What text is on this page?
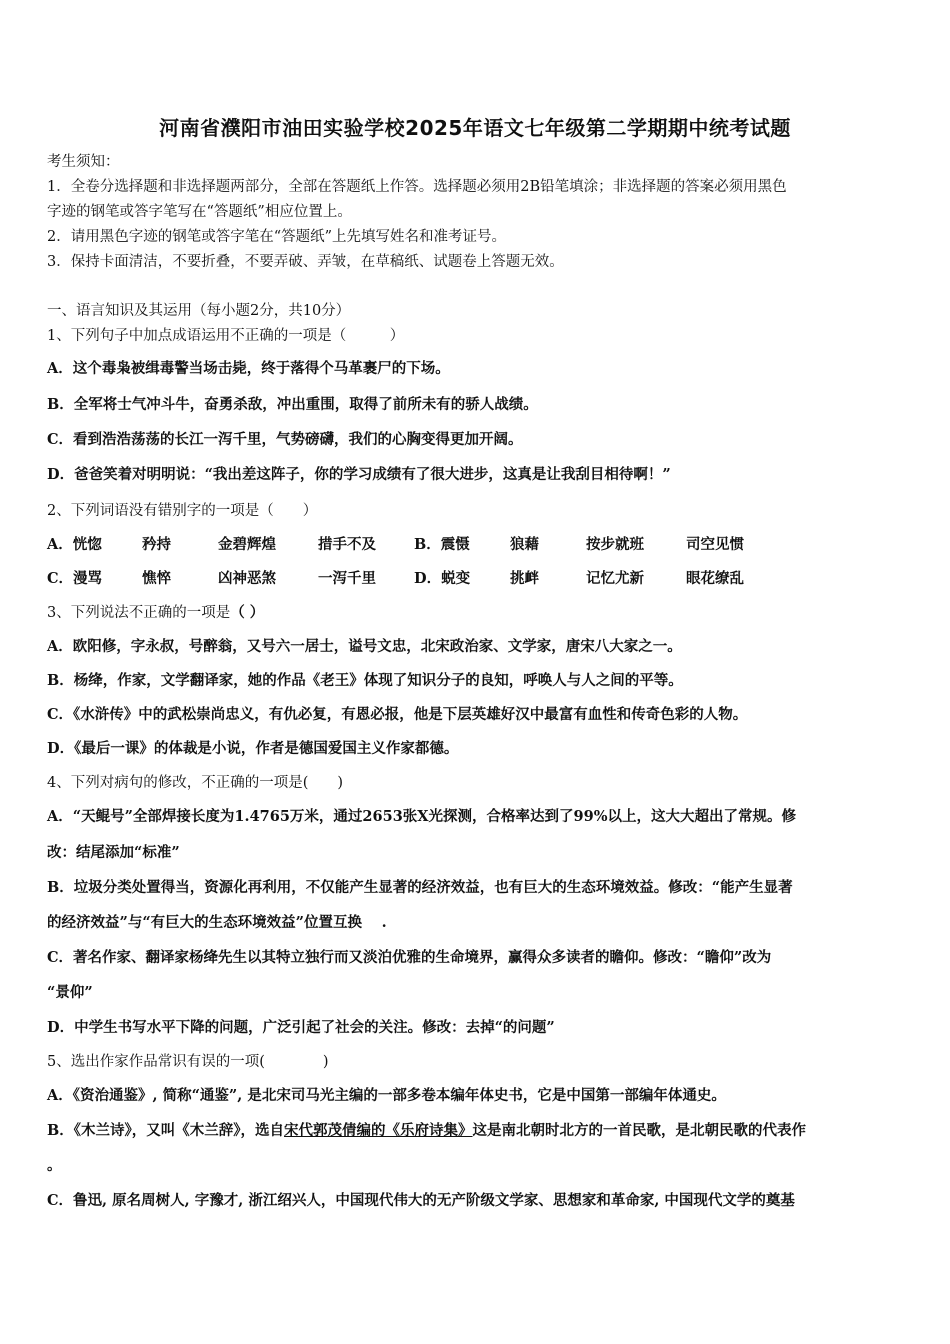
河南省濮阳市油田实验学校2025年语文七年级第二学期期中统考试题
考生须知：
1．全卷分选择题和非选择题两部分，全部在答题纸上作答。选择题必须用2B铅笔填涂；非选择题的答案必须用黑色
字迹的钢笔或答字笔写在“答题纸”相应位置上。
2．请用黑色字迹的钢笔或答字笔在“答题纸”上先填写姓名和准考证号。
3．保持卡面清洁，不要折叠，不要弄破、弄皱，在草稿纸、试题卷上答题无效。
一、语言知识及其运用（每小题2分，共10分）
1、下列句子中加点成语运用不正确的一项是（　　　）
A．这个毒枭被缉毒警当场击毙，终于落得个马革裹尸的下场。
B．全军将士气冲斗牛，奋勇杀敌，冲出重围，取得了前所未有的骄人战绩。
C．看到浩浩荡荡的长江一泻千里，气势磅礴，我们的心胸变得更加开阔。
D．爸爸笑着对明明说：“我出差这阵子，你的学习成绩有了很大进步，这真是让我刮目相待啊！”
2、下列词语没有错别字的一项是（　　）
A．恍惚	矜持	金碧辉煌	措手不及	B．震慑	狼藉	按步就班	司空见惯
C．漫骂	憔悴	凶神恶煞	一泻千里	D．蜕变	挑衅	记忆尤新	眼花缭乱
3、下列说法不正确的一项是（ ）
A．欧阳修，字永叔，号醉翁，又号六一居士，谥号文忠，北宋政治家、文学家，唐宋八大家之一。
B．杨绛，作家，文学翻译家，她的作品《老王》体现了知识分子的良知，呼唤人与人之间的平等。
C．《水浒传》中的武松崇尚忠义，有仇必复，有恩必报，他是下层英雄好汉中最富有血性和传奇色彩的人物。
D．《最后一课》的体裁是小说，作者是德国爱国主义作家都德。
4、下列对病句的修改，不正确的一项是(　　)
A．“天鲲号”全部焊接长度为1.4765万米，通过2653张X光探测，合格率达到了99%以上，这大大超出了常规。修
改：结尾添加“标准”
B．垃圾分类处置得当，资源化再利用，不仅能产生显著的经济效益，也有巨大的生态环境效益。修改：“能产生显著
的经济效益”与“有巨大的生态环境效益”位置互换　 .
C．著名作家、翻译家杨绛先生以其特立独行而又淡泊优雅的生命境界，赢得众多读者的瞻仰。修改：“瞻仰”改为
“景仰”
D．中学生书写水平下降的问题，广泛引起了社会的关注。修改：去掉“的问题”
5、选出作家作品常识有误的一项(　　　　)
A．《资治通鉴》, 简称“通鉴”, 是北宋司马光主编的一部多卷本编年体史书，它是中国第一部编年体通史。
B．《木兰诗》，又叫《木兰辞》，选自宋代郭茂倩编的《乐府诗集》这是南北朝时北方的一首民歌，是北朝民歌的代表作
。
C．鲁迅, 原名周树人, 字豫才, 浙江绍兴人，中国现代伟大的无产阶级文学家、思想家和革命家, 中国现代文学的奠基
